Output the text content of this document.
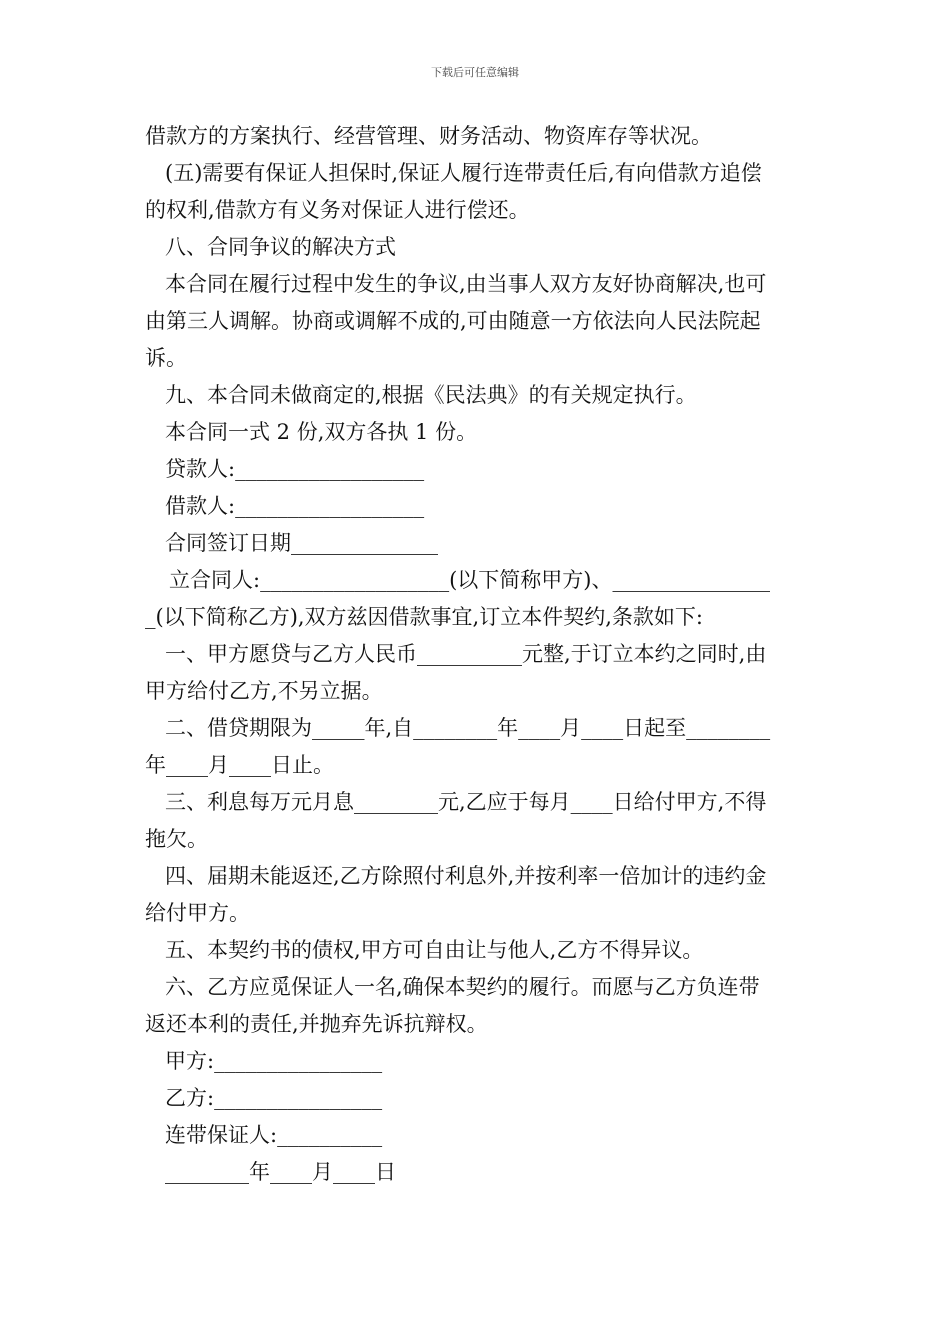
下载后可任意编辑
借款方的方案执行、经营管理、财务活动、物资库存等状况。
(五)需要有保证人担保时,保证人履行连带责任后,有向借款方追偿
的权利,借款方有义务对保证人进行偿还。
八、合同争议的解决方式
本合同在履行过程中发生的争议,由当事人双方友好协商解决,也可
由第三人调解。协商或调解不成的,可由随意一方依法向人民法院起
诉。
九、本合同未做商定的,根据《民法典》的有关规定执行。
本合同一式 2 份,双方各执 1 份。
贷款人:__________________
借款人:__________________
合同签订日期______________
立合同人:__________________(以下简称甲方)、_______________
_(以下简称乙方),双方兹因借款事宜,订立本件契约,条款如下:
一、甲方愿贷与乙方人民币__________元整,于订立本约之同时,由
甲方给付乙方,不另立据。
二、借贷期限为_____年,自________年____月____日起至________
年____月____日止。
三、利息每万元月息________元,乙应于每月____日给付甲方,不得
拖欠。
四、届期未能返还,乙方除照付利息外,并按利率一倍加计的违约金
给付甲方。
五、本契约书的债权,甲方可自由让与他人,乙方不得异议。
六、乙方应觅保证人一名,确保本契约的履行。而愿与乙方负连带
返还本利的责任,并抛弃先诉抗辩权。
甲方:________________
乙方:________________
连带保证人:__________
________年____月____日
